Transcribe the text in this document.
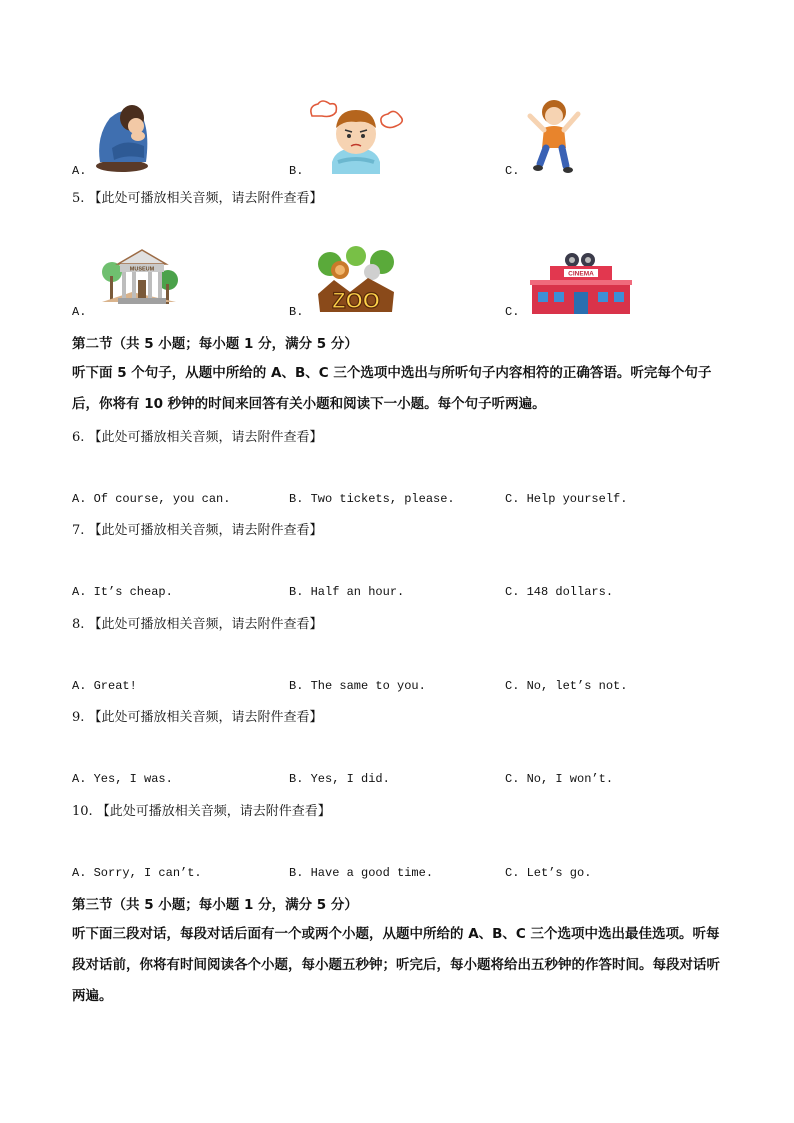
A.	B.	C.
5. 【此处可播放相关音频，请去附件查看】
MUSEUM
ZOO
CINEMA
A.	B.	C.
第二节（共 5 小题；每小题 1 分，满分 5 分）
听下面 5 个句子，从题中所给的 A、B、C 三个选项中选出与所听句子内容相符的正确答语。听完每个句子后，你将有 10 秒钟的时间来回答有关小题和阅读下一小题。每个句子听两遍。
6. 【此处可播放相关音频，请去附件查看】
A. Of course, you can.	B. Two tickets, please.	C. Help yourself.
7. 【此处可播放相关音频，请去附件查看】
A. It’s cheap.	B. Half an hour.	C. 148 dollars.
8. 【此处可播放相关音频，请去附件查看】
A. Great!	B. The same to you.	C. No, let’s not.
9. 【此处可播放相关音频，请去附件查看】
A. Yes, I was.	B. Yes, I did.	C. No, I won’t.
10. 【此处可播放相关音频，请去附件查看】
A. Sorry, I can’t.	B. Have a good time.	C. Let’s go.
第三节（共 5 小题；每小题 1 分，满分 5 分）
听下面三段对话，每段对话后面有一个或两个小题，从题中所给的 A、B、C 三个选项中选出最佳选项。听每段对话前，你将有时间阅读各个小题，每小题五秒钟；听完后，每小题将给出五秒钟的作答时间。每段对话听两遍。
